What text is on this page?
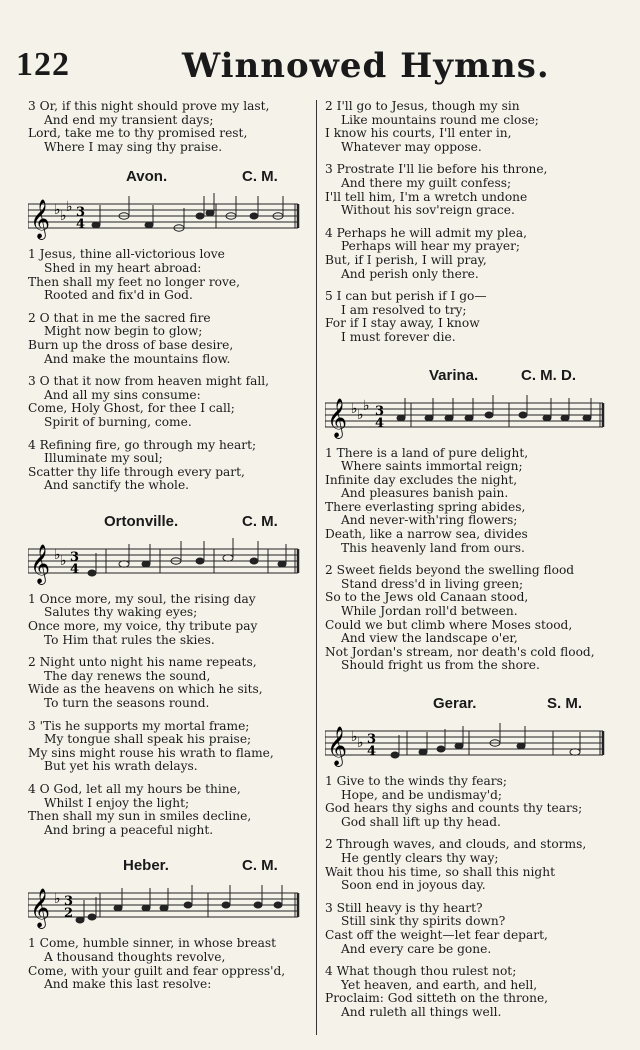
122	Winnowed Hymns.
3 Or, if this night should prove my last,
And end my transient days;
Lord, take me to thy promised rest,
Where I may sing thy praise.
Avon.	C. M.
𝄞 ♭ ♭
♭ 3
4
1 Jesus, thine all-victorious love
Shed in my heart abroad:
Then shall my feet no longer rove,
Rooted and fix'd in God.
2 O that in me the sacred fire
Might now begin to glow;
Burn up the dross of base desire,
And make the mountains flow.
3 O that it now from heaven might fall,
And all my sins consume:
Come, Holy Ghost, for thee I call;
Spirit of burning, come.
4 Refining fire, go through my heart;
Illuminate my soul;
Scatter thy life through every part,
And sanctify the whole.
Ortonville.	C. M.
𝄞 ♭ ♭ 3
4
1 Once more, my soul, the rising day
Salutes thy waking eyes;
Once more, my voice, thy tribute pay
To Him that rules the skies.
2 Night unto night his name repeats,
The day renews the sound,
Wide as the heavens on which he sits,
To turn the seasons round.
3 'Tis he supports my mortal frame;
My tongue shall speak his praise;
My sins might rouse his wrath to flame,
But yet his wrath delays.
4 O God, let all my hours be thine,
Whilst I enjoy the light;
Then shall my sun in smiles decline,
And bring a peaceful night.
Heber.	C. M.
𝄞 ♭ 3
2
1 Come, humble sinner, in whose breast
A thousand thoughts revolve,
Come, with your guilt and fear oppress'd,
And make this last resolve:
2 I'll go to Jesus, though my sin
Like mountains round me close;
I know his courts, I'll enter in,
Whatever may oppose.
3 Prostrate I'll lie before his throne,
And there my guilt confess;
I'll tell him, I'm a wretch undone
Without his sov'reign grace.
4 Perhaps he will admit my plea,
Perhaps will hear my prayer;
But, if I perish, I will pray,
And perish only there.
5 I can but perish if I go—
I am resolved to try;
For if I stay away, I know
I must forever die.
Varina.	C. M. D.
𝄞 ♭ ♭
♭ 3
4
1 There is a land of pure delight,
Where saints immortal reign;
Infinite day excludes the night,
And pleasures banish pain.
There everlasting spring abides,
And never-with'ring flowers;
Death, like a narrow sea, divides
This heavenly land from ours.
2 Sweet fields beyond the swelling flood
Stand dress'd in living green;
So to the Jews old Canaan stood,
While Jordan roll'd between.
Could we but climb where Moses stood,
And view the landscape o'er,
Not Jordan's stream, nor death's cold flood,
Should fright us from the shore.
Gerar.	S. M.
𝄞 ♭ ♭ 3
4
1 Give to the winds thy fears;
Hope, and be undismay'd;
God hears thy sighs and counts thy tears;
God shall lift up thy head.
2 Through waves, and clouds, and storms,
He gently clears thy way;
Wait thou his time, so shall this night
Soon end in joyous day.
3 Still heavy is thy heart?
Still sink thy spirits down?
Cast off the weight—let fear depart,
And every care be gone.
4 What though thou rulest not;
Yet heaven, and earth, and hell,
Proclaim: God sitteth on the throne,
And ruleth all things well.
